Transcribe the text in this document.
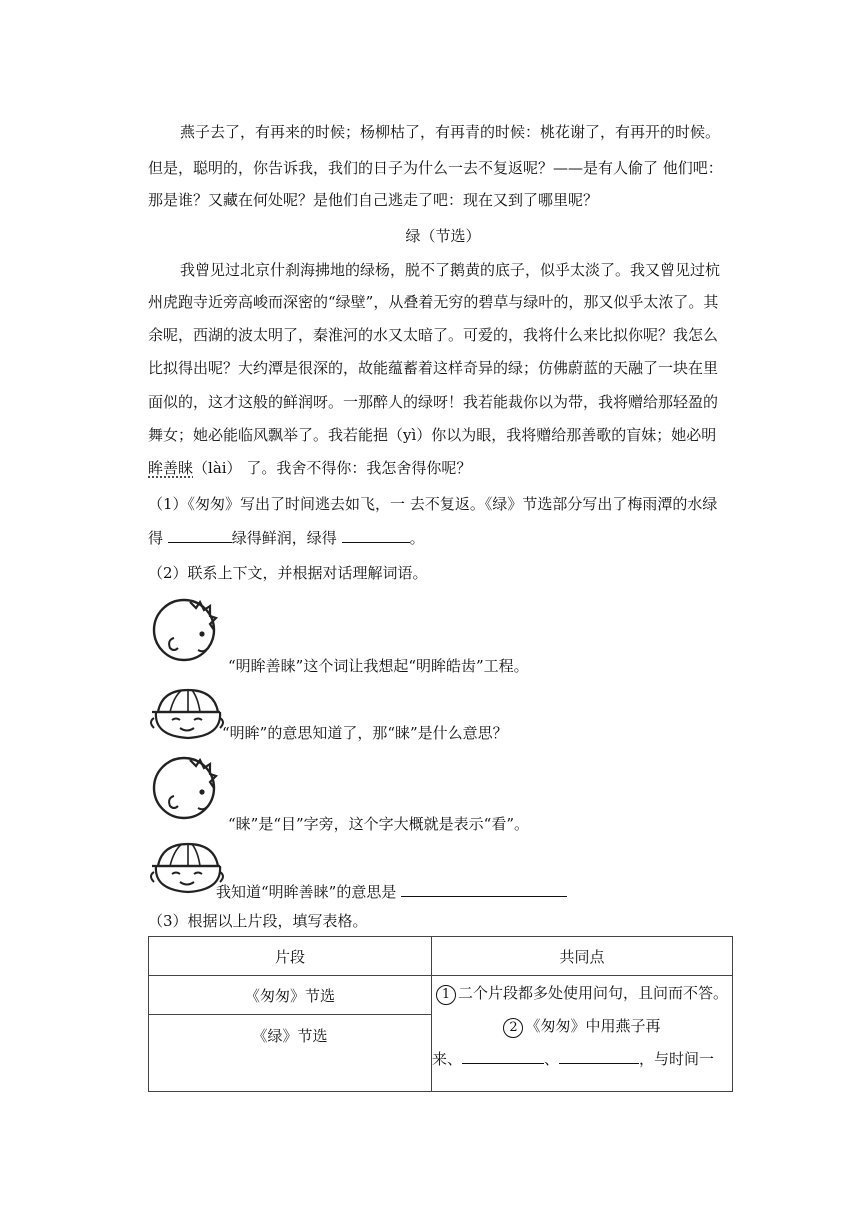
燕子去了，有再来的时候；杨柳枯了，有再青的时候：桃花谢了，有再开的时候。
但是，聪明的，你告诉我，我们的日子为什么一去不复返呢？——是有人偷了 他们吧：
那是谁？又藏在何处呢？是他们自己逃走了吧：现在又到了哪里呢？
绿（节选）
我曾见过北京什刹海拂地的绿杨，脱不了鹅黄的底子，似乎太淡了。我又曾见过杭
州虎跑寺近旁高峻而深密的“绿壁”，从叠着无穷的碧草与绿叶的，那又似乎太浓了。其
余呢，西湖的波太明了，秦淮河的水又太暗了。可爱的，我将什么来比拟你呢？我怎么
比拟得出呢？大约潭是很深的，故能蕴蓄着这样奇异的绿；仿佛蔚蓝的天融了一块在里
面似的，这才这般的鲜润呀。一那醉人的绿呀！我若能裁你以为带，我将赠给那轻盈的
舞女；她必能临风飘举了。我若能挹（yì）你以为眼，我将赠给那善歌的盲妹；她必明
眸善睐（lài） 了。我舍不得你：我怎舍得你呢？
（1）《匆匆》写出了时间逃去如飞，一 去不复返。《绿》节选部分写出了梅雨潭的水绿
得	绿得鲜润，绿得	。
（2）联系上下文，并根据对话理解词语。
“明眸善睐”这个词让我想起“明眸皓齿”工程。
“明眸”的意思知道了，那“睐”是什么意思？
“睐”是“目”字旁，这个字大概就是表示“看”。
我知道“明眸善睐”的意思是
（3）根据以上片段，填写表格。
片段	共同点
《匆匆》节选	1 二个片段都多处使用问句，且问而不答。
2 《匆匆》中用燕子再
来、 、 ，与时间一

《绿》节选	
